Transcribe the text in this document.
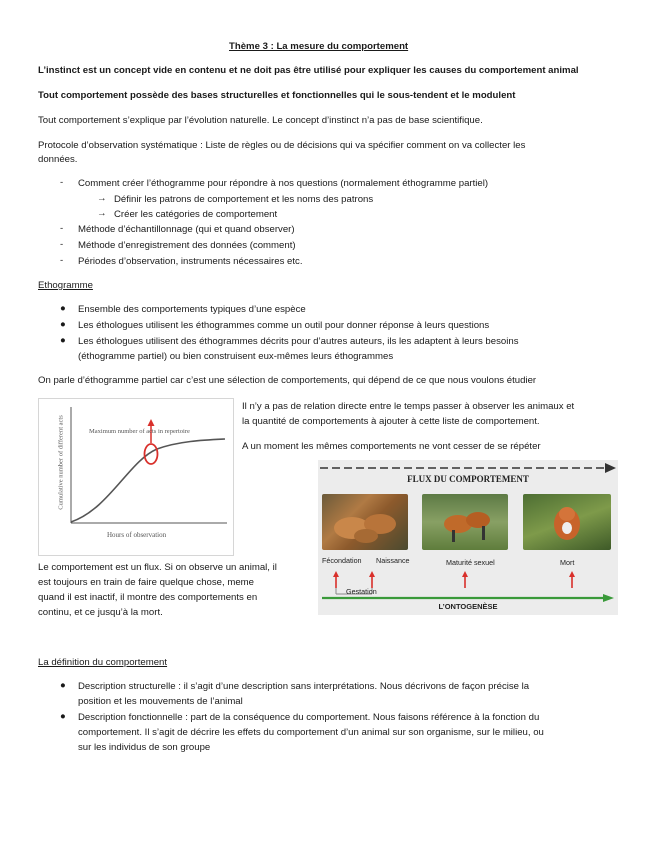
Thème 3 : La mesure du comportement
L’instinct est un concept vide en contenu et ne doit pas être utilisé pour expliquer les causes du comportement animal
Tout comportement possède des bases structurelles et fonctionnelles qui le sous-tendent et le modulent
Tout comportement s’explique par l’évolution naturelle. Le concept d’instinct n’a pas de base scientifique.
Protocole d’observation systématique : Liste de règles ou de décisions qui va spécifier comment on va collecter les
données.
- Comment créer l’éthogramme pour répondre à nos questions (normalement éthogramme partiel)
→ Définir les patrons de comportement et les noms des patrons
→ Créer les catégories de comportement
- Méthode d’échantillonnage (qui et quand observer)
- Méthode d’enregistrement des données (comment)
- Périodes d’observation, instruments nécessaires etc.
Ethogramme
● Ensemble des comportements typiques d’une espèce
● Les éthologues utilisent les éthogrammes comme un outil pour donner réponse à leurs questions
● Les éthologues utilisent des éthogrammes décrits pour d’autres auteurs, ils les adaptent à leurs besoins
(éthogramme partiel) ou bien construisent eux-mêmes leurs éthogrammes
On parle d’éthogramme partiel car c’est une sélection de comportements, qui dépend de ce que nous voulons étudier
Maximum number of acts in repertoire
Hours of observation
Cumulative number of different acts
Il n’y a pas de relation directe entre le temps passer à observer les animaux et
la quantité de comportements à ajouter à cette liste de comportement.
A un moment les mêmes comportements ne vont cesser de se répéter
FLUX DU COMPORTEMENT
Fécondation Naissance	Maturité sexuel	Mort
Gestation
L’ONTOGENÈSE
Le comportement est un flux. Si on observe un animal, il
est toujours en train de faire quelque chose, meme
quand il est inactif, il montre des comportements en
continu, et ce jusqu’à la mort.
La définition du comportement
● Description structurelle : il s’agit d’une description sans interprétations. Nous décrivons de façon précise la
position et les mouvements de l’animal
● Description fonctionnelle : part de la conséquence du comportement. Nous faisons référence à la fonction du
comportement. Il s’agit de décrire les effets du comportement d’un animal sur son organisme, sur le milieu, ou
sur les individus de son groupe
